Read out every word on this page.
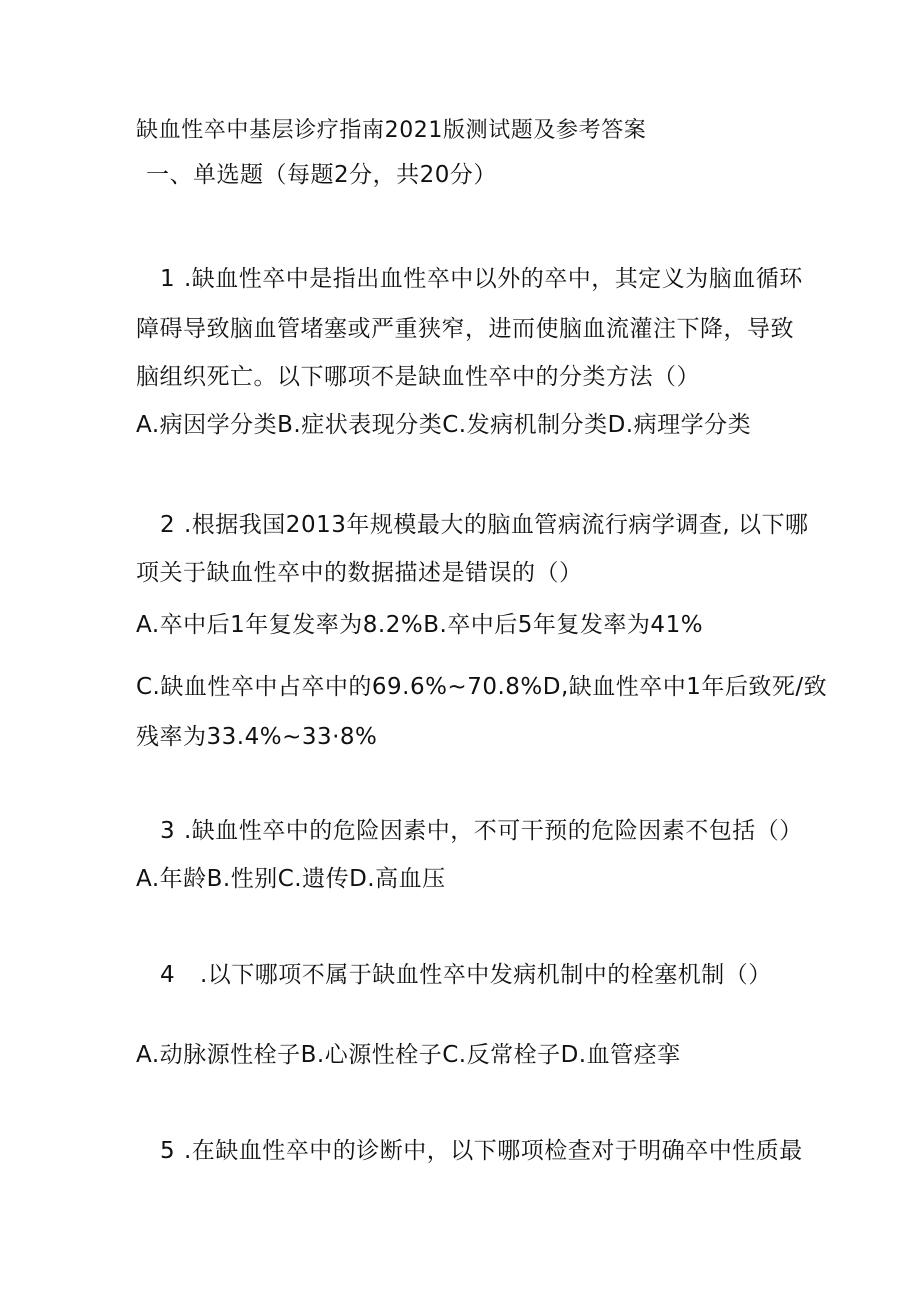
缺血性卒中基层诊疗指南2021版测试题及参考答案
一、单选题（每题2分，共20分）
1 .缺血性卒中是指出血性卒中以外的卒中，其定义为脑血循环
障碍导致脑血管堵塞或严重狭窄，进而使脑血流灌注下降，导致
脑组织死亡。以下哪项不是缺血性卒中的分类方法（）
A.病因学分类B.症状表现分类C.发病机制分类D.病理学分类
2 .根据我国2013年规模最大的脑血管病流行病学调查, 以下哪
项关于缺血性卒中的数据描述是错误的（）
A.卒中后1年复发率为8.2%B.卒中后5年复发率为41%
C.缺血性卒中占卒中的69.6%~70.8%D,缺血性卒中1年后致死/致
残率为33.4%~33·8%
3 .缺血性卒中的危险因素中，不可干预的危险因素不包括（）
A.年龄B.性别C.遗传D.高血压
4 .以下哪项不属于缺血性卒中发病机制中的栓塞机制（）
A.动脉源性栓子B.心源性栓子C.反常栓子D.血管痉挛
5 .在缺血性卒中的诊断中，以下哪项检查对于明确卒中性质最
